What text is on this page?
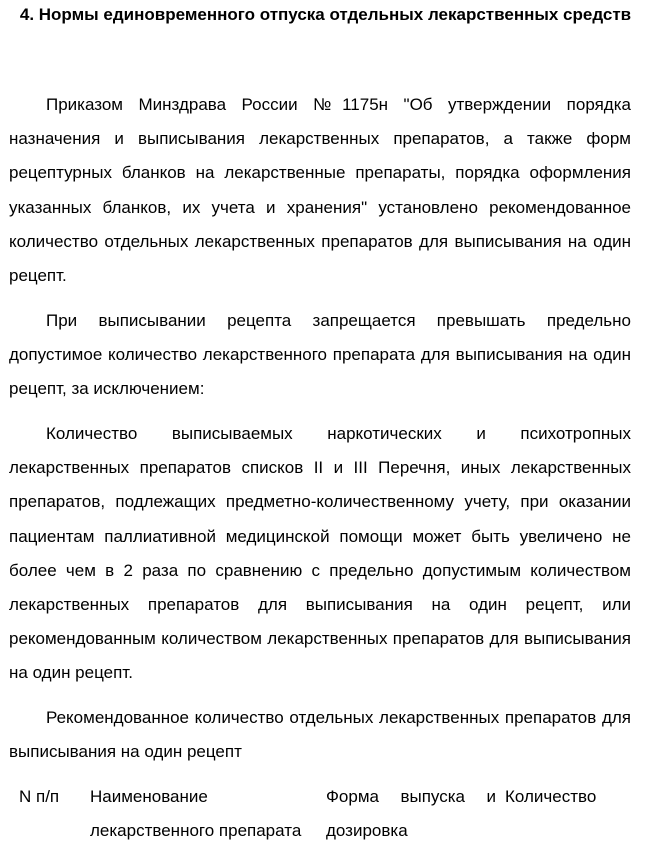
4. Нормы единовременного отпуска отдельных лекарственных средств
Приказом Минздрава России №1175н "Об утверждении порядка назначения и выписывания лекарственных препаратов, а также форм рецептурных бланков на лекарственные препараты, порядка оформления указанных бланков, их учета и хранения" установлено рекомендованное количество отдельных лекарственных препаратов для выписывания на один рецепт.
При выписывании рецепта запрещается превышать предельно допустимое количество лекарственного препарата для выписывания на один рецепт, за исключением:
Количество выписываемых наркотических и психотропных лекарственных препаратов списков II и III Перечня, иных лекарственных препаратов, подлежащих предметно-количественному учету, при оказании пациентам паллиативной медицинской помощи может быть увеличено не более чем в 2 раза по сравнению с предельно допустимым количеством лекарственных препаратов для выписывания на один рецепт, или рекомендованным количеством лекарственных препаратов для выписывания на один рецепт.
Рекомендованное количество отдельных лекарственных препаратов для выписывания на один рецепт
N п/п Наименование
лекарственного препарата
Форма выпуска и
дозировка
Количество
